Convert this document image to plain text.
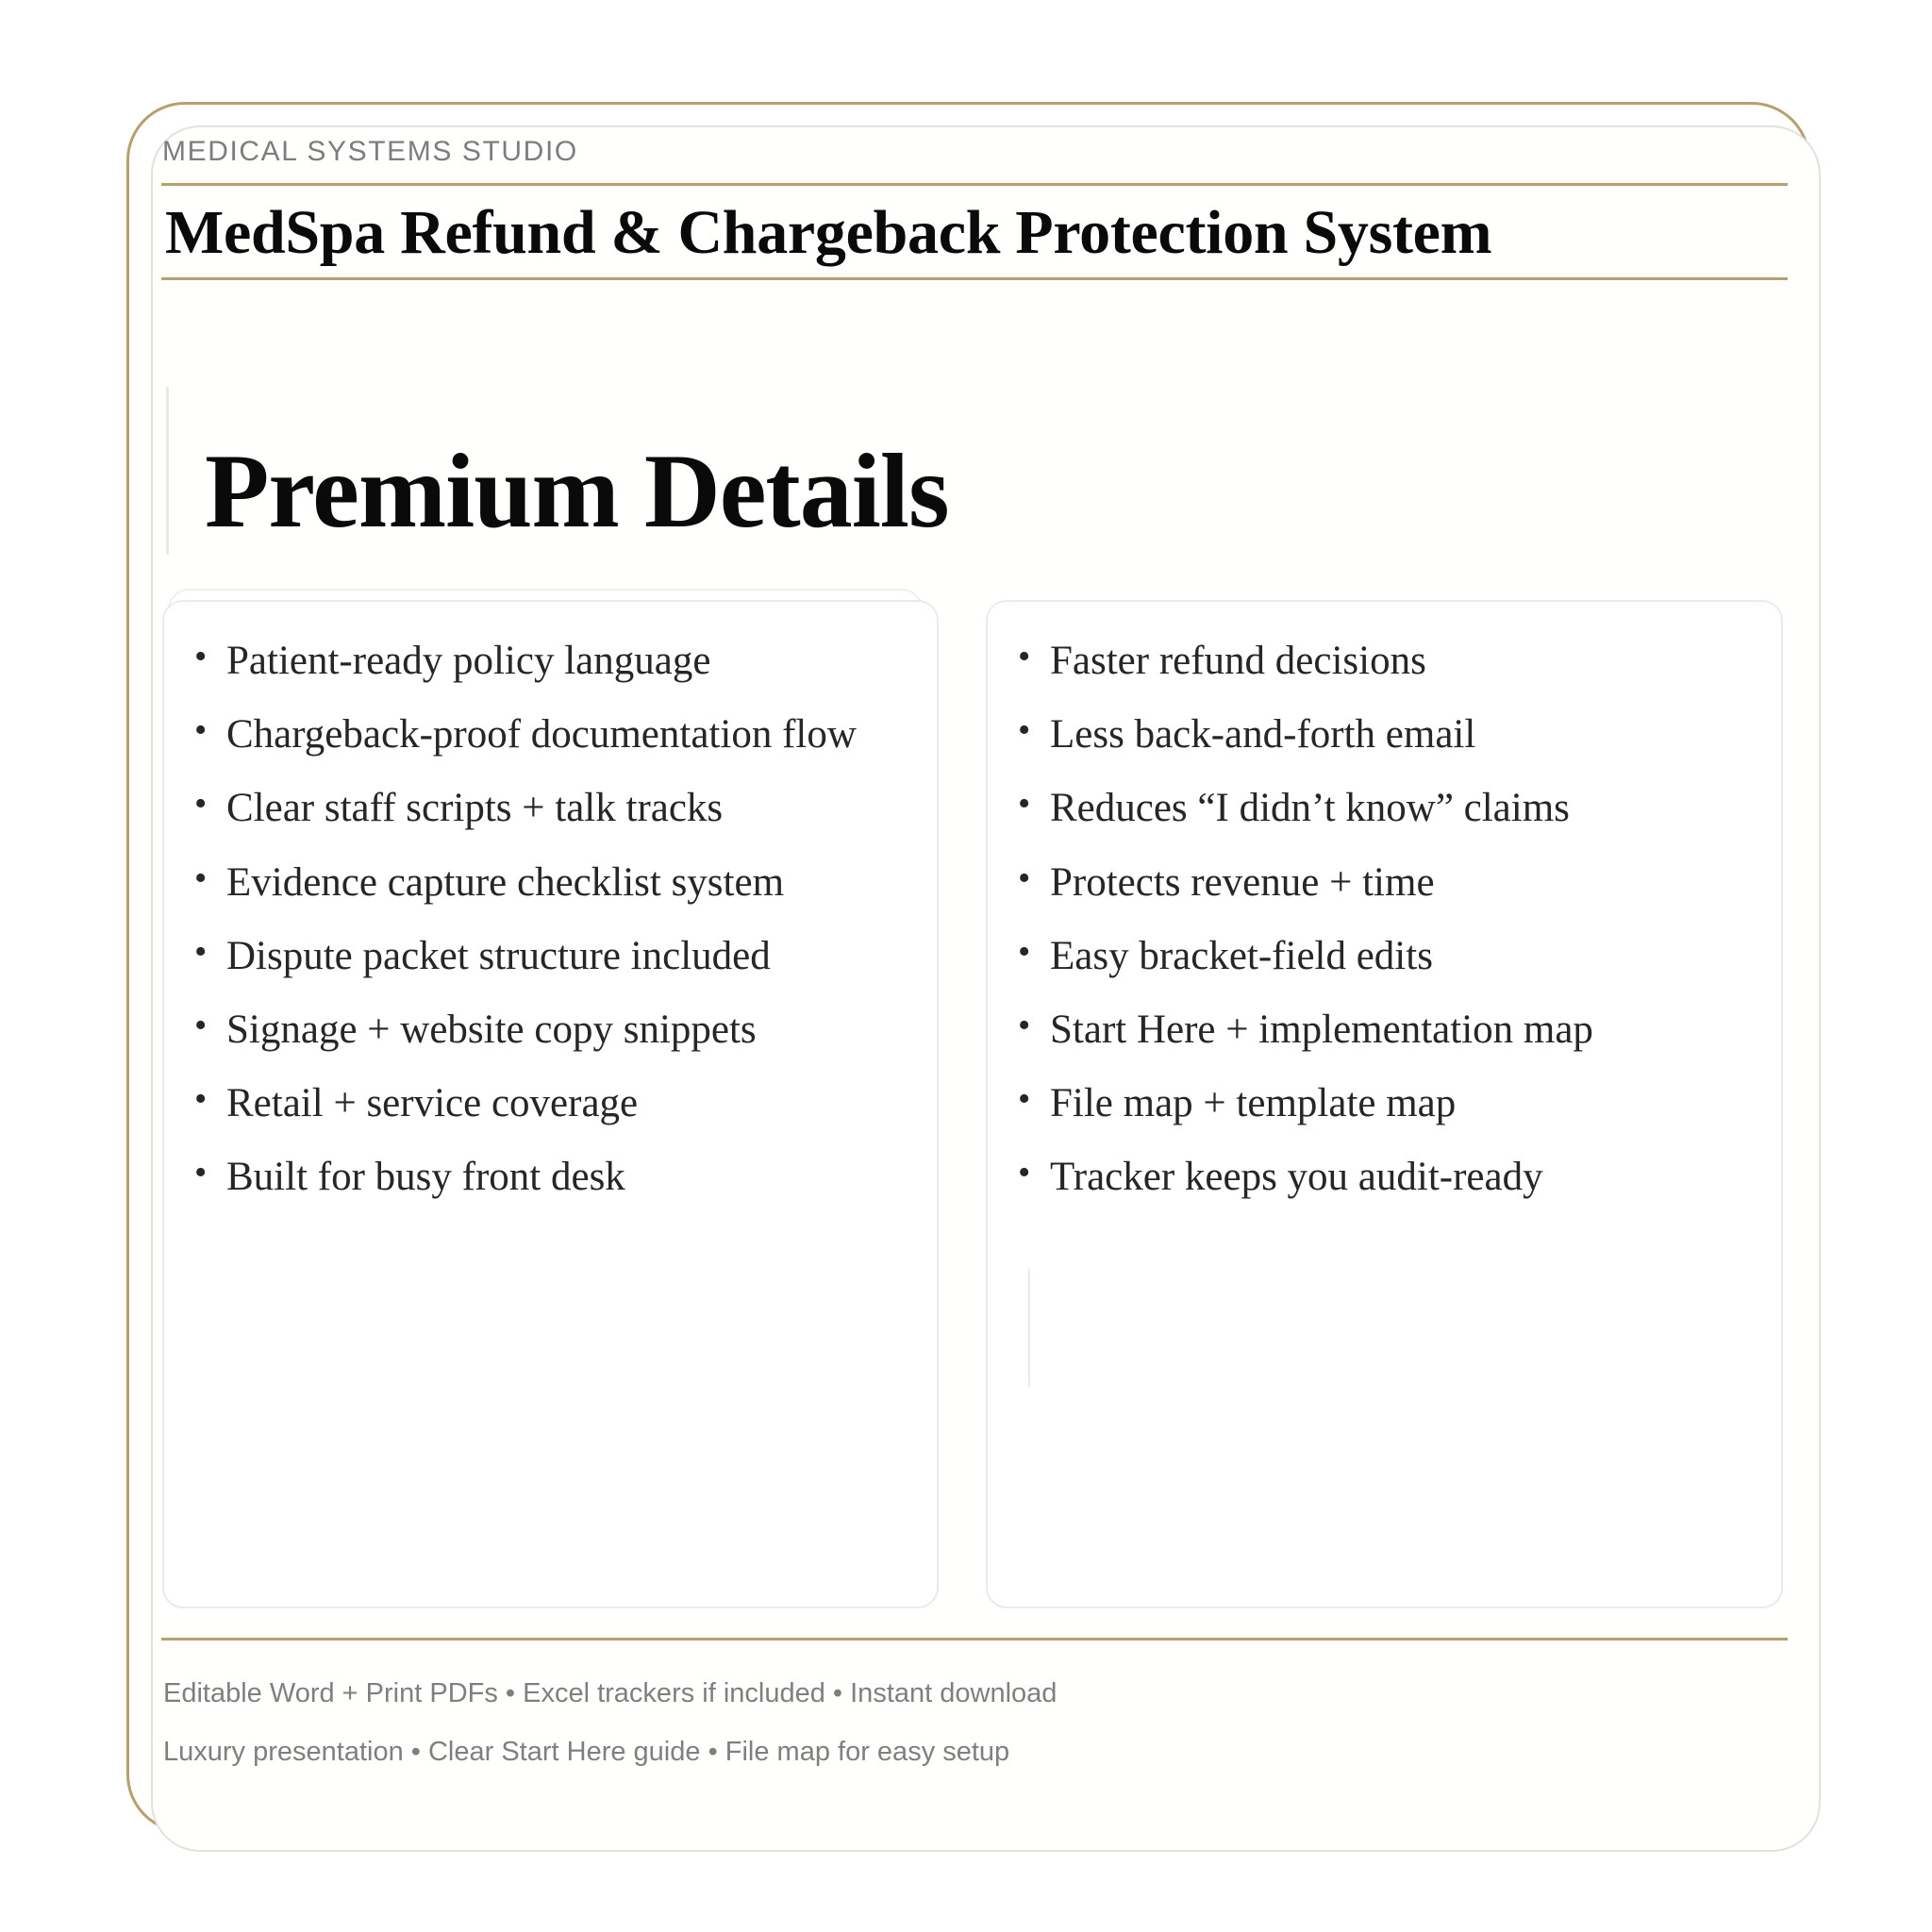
MEDICAL SYSTEMS STUDIO
MedSpa Refund & Chargeback Protection System
Premium Details
• Patient-ready policy language
• Chargeback-proof documentation flow
• Clear staff scripts + talk tracks
• Evidence capture checklist system
• Dispute packet structure included
• Signage + website copy snippets
• Retail + service coverage
• Built for busy front desk
• Faster refund decisions
• Less back-and-forth email
• Reduces “I didn’t know” claims
• Protects revenue + time
• Easy bracket-field edits
• Start Here + implementation map
• File map + template map
• Tracker keeps you audit-ready
Editable Word + Print PDFs • Excel trackers if included • Instant download
Luxury presentation • Clear Start Here guide • File map for easy setup
